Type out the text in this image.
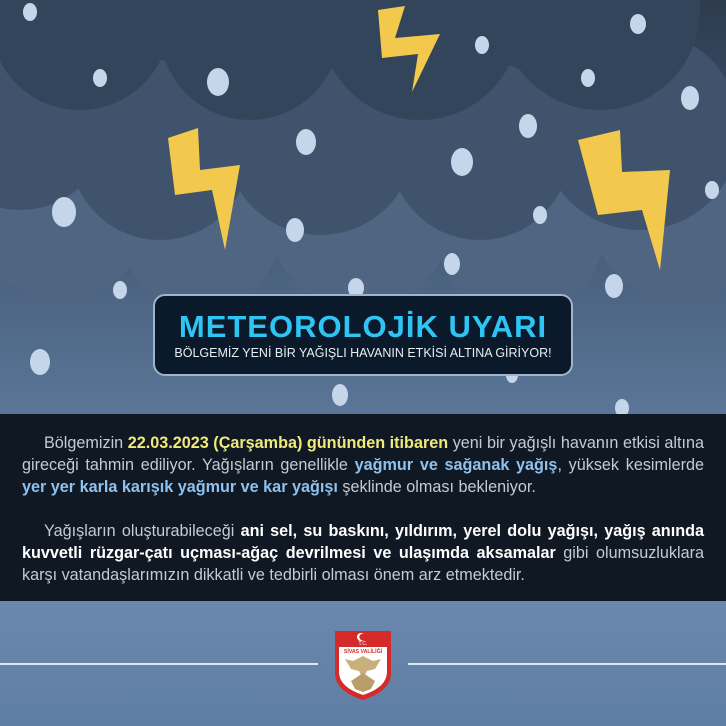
METEOROLOJİK UYARI
BÖLGEMİZ YENİ BİR YAĞIŞLI HAVANIN ETKİSİ ALTINA GİRİYOR!

Bölgemizin 22.03.2023 (Çarşamba) gününden itibaren yeni bir yağışlı havanın etkisi altına gireceği tahmin ediliyor. Yağışların genellikle yağmur ve sağanak yağış, yüksek kesimlerde yer yer karla karışık yağmur ve kar yağışı şeklinde olması bekleniyor.

Yağışların oluşturabileceği ani sel, su baskını, yıldırım, yerel dolu yağışı, yağış anında kuvvetli rüzgar-çatı uçması-ağaç devrilmesi ve ulaşımda aksamalar gibi olumsuzluklara karşı vatandaşlarımızın dikkatli ve tedbirli olması önem arz etmektedir.

T.C.
SİVAS VALİLİĞİ
